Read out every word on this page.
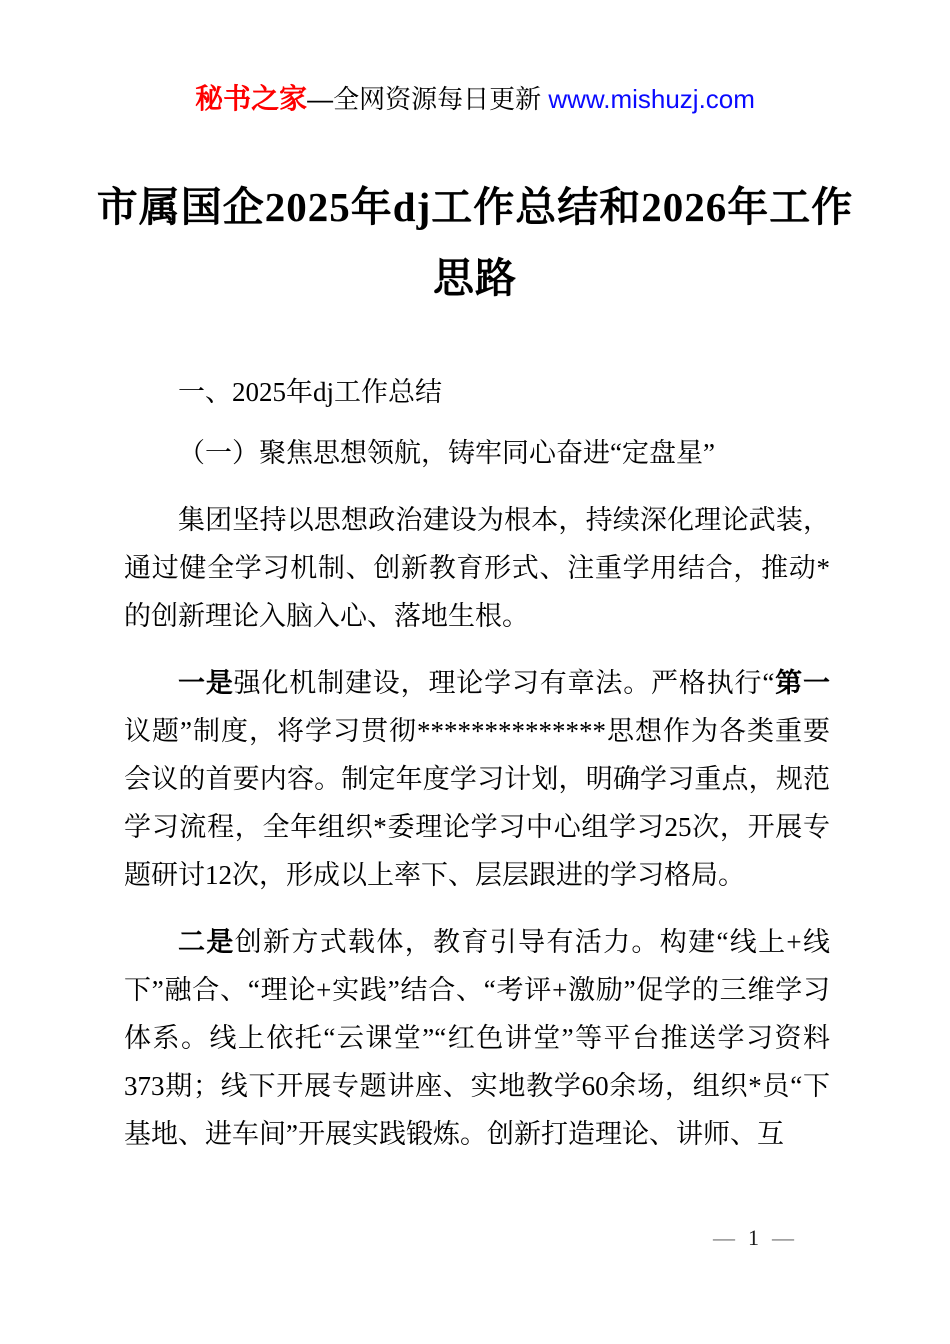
秘书之家—全网资源每日更新 www.mishuzj.com
市属国企2025年dj工作总结和2026年工作
思路

一、2025年dj工作总结

（一）聚焦思想领航，铸牢同心奋进“定盘星”

集团坚持以思想政治建设为根本，持续深化理论武装，通过健全学习机制、创新教育形式、注重学用结合，推动*的创新理论入脑入心、落地生根。

一是强化机制建设，理论学习有章法。严格执行“第一议题”制度，将学习贯彻**************思想作为各类重要会议的首要内容。制定年度学习计划，明确学习重点，规范学习流程，全年组织*委理论学习中心组学习25次，开展专题研讨12次，形成以上率下、层层跟进的学习格局。

二是创新方式载体，教育引导有活力。构建“线上+线下”融合、“理论+实践”结合、“考评+激励”促学的三维学习体系。线上依托“云课堂”“红色讲堂”等平台推送学习资料373期；线下开展专题讲座、实地教学60余场，组织*员“下基地、进车间”开展实践锻炼。创新打造理论、讲师、互

— 1 —
